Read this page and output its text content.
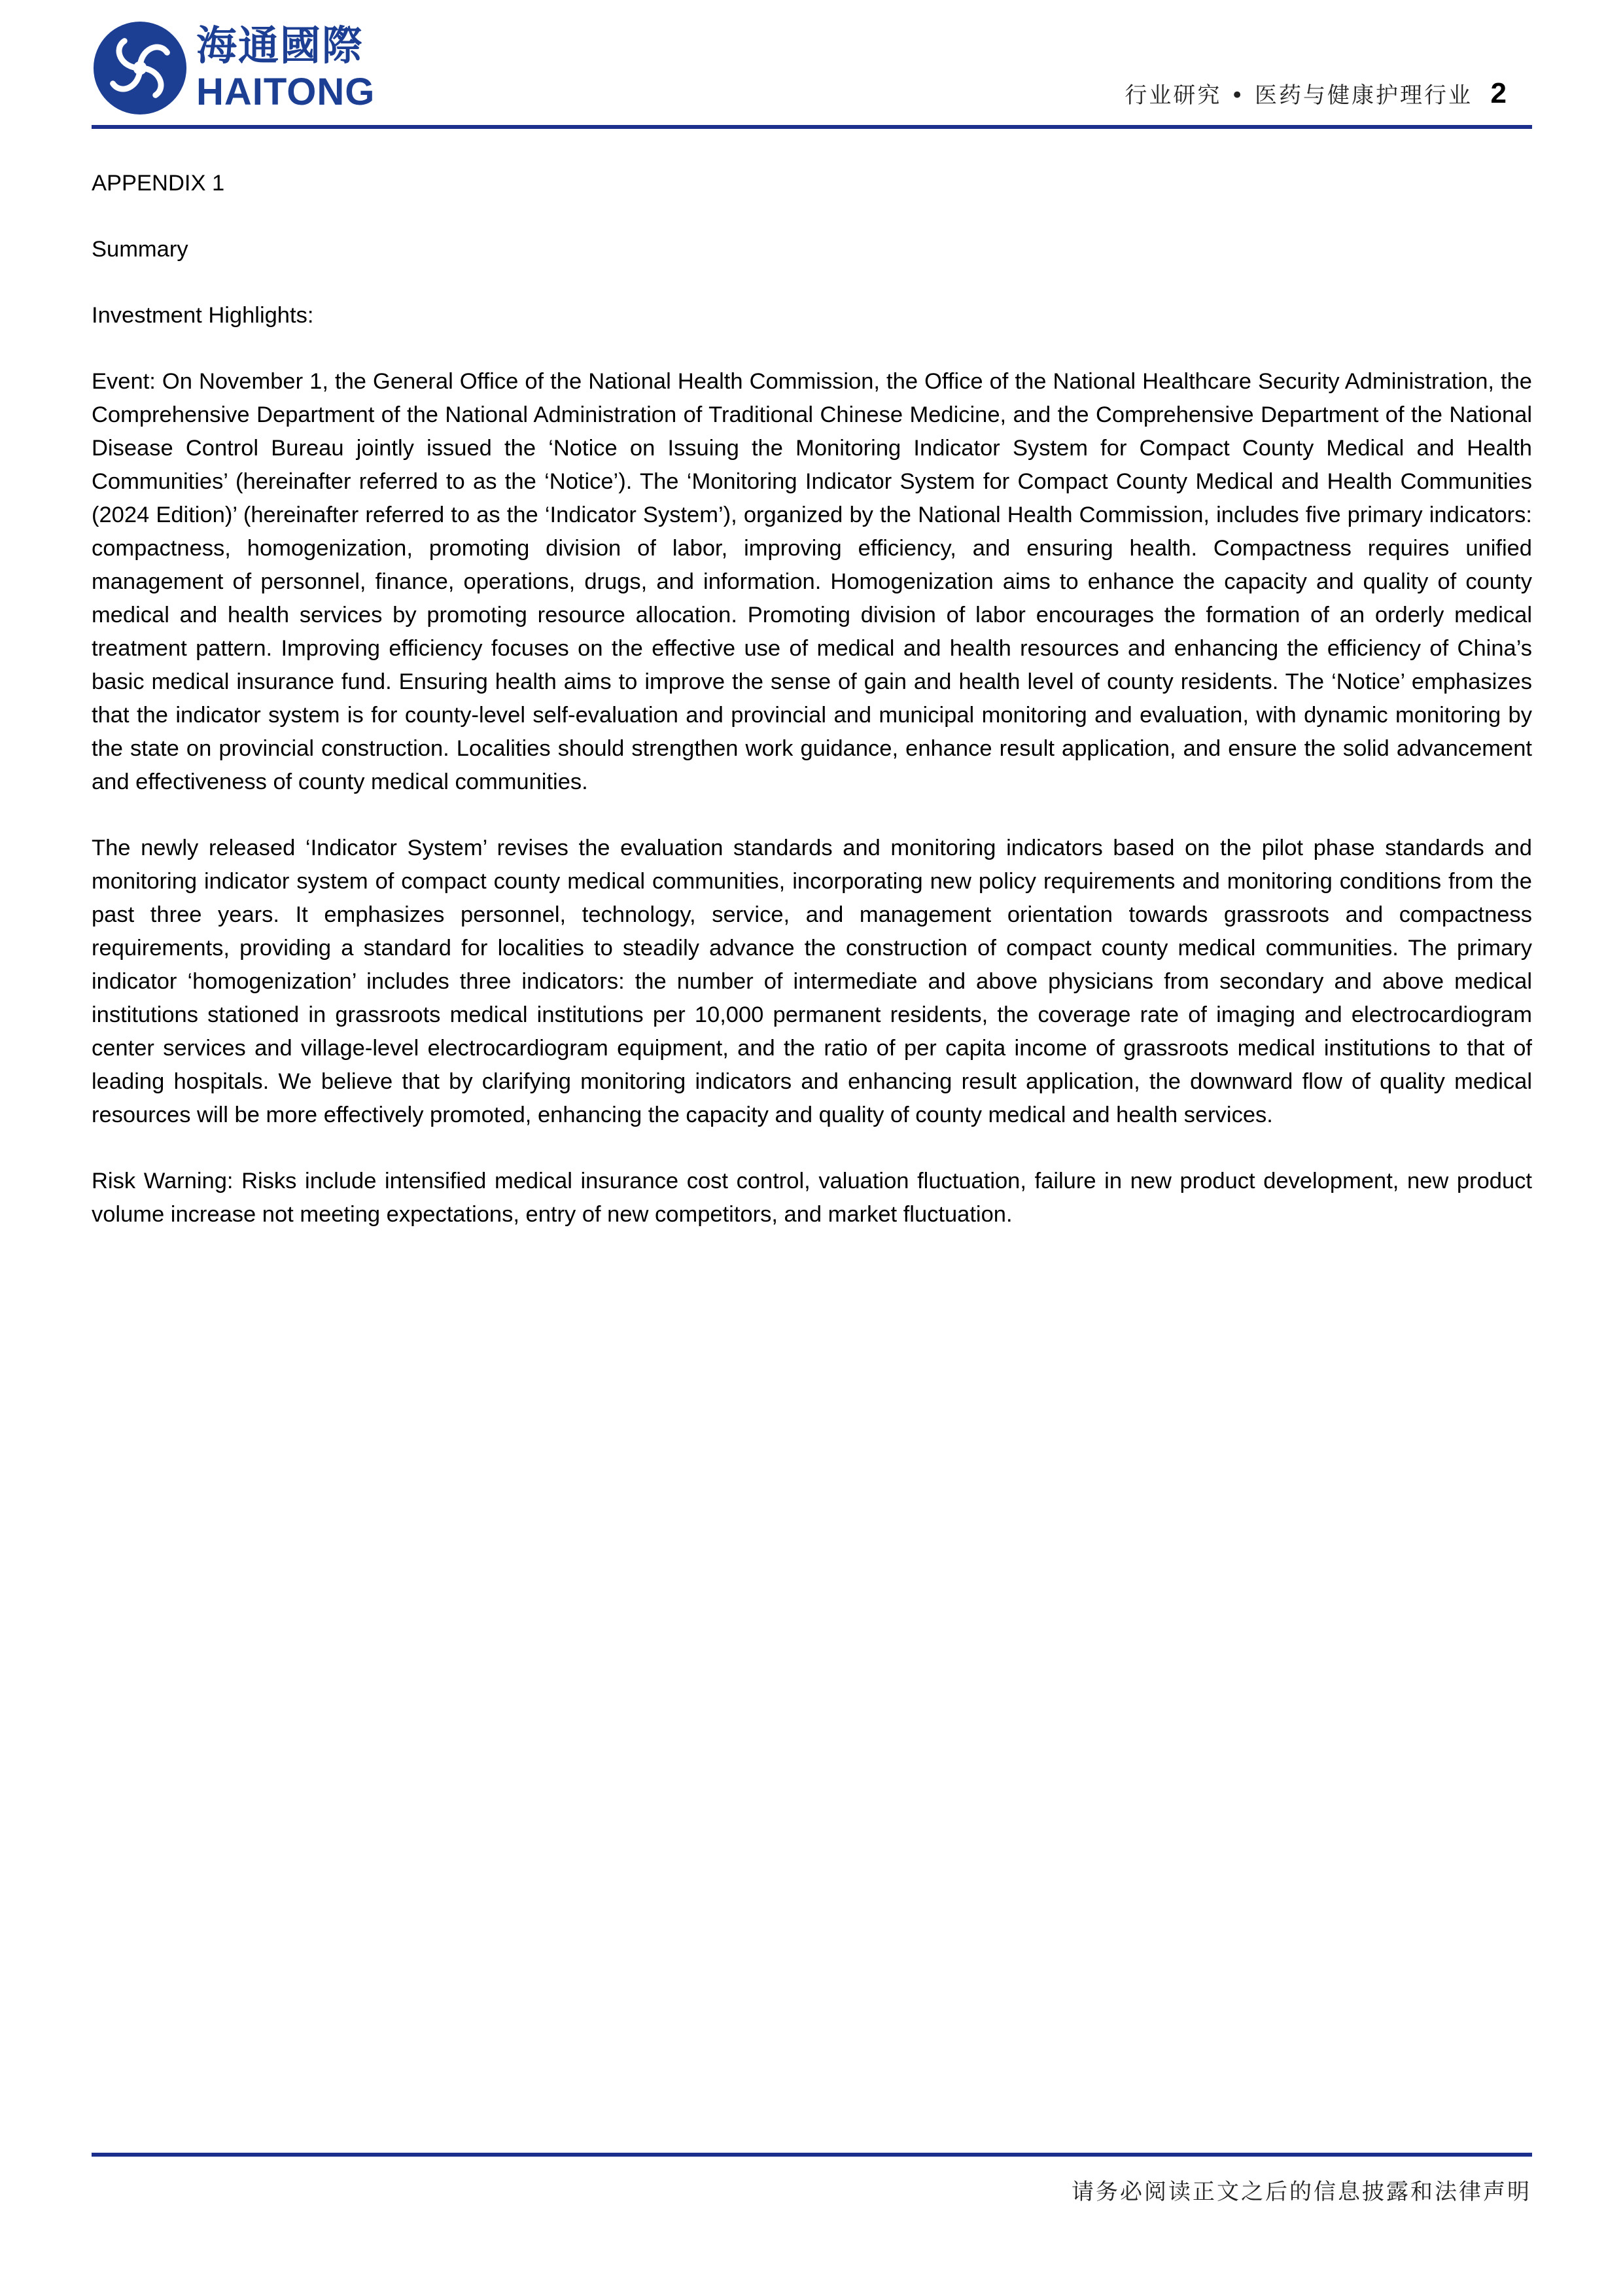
海通國際
HAITONG	行业研究 • 医药与健康护理行业 2

APPENDIX 1

Summary

Investment Highlights:

Event: On November 1, the General Office of the National Health Commission, the Office of the National Healthcare Security Administration, the Comprehensive Department of the National Administration of Traditional Chinese Medicine, and the Comprehensive Department of the National Disease Control Bureau jointly issued the ‘Notice on Issuing the Monitoring Indicator System for Compact County Medical and Health Communities’ (hereinafter referred to as the ‘Notice’). The ‘Monitoring Indicator System for Compact County Medical and Health Communities (2024 Edition)’ (hereinafter referred to as the ‘Indicator System’), organized by the National Health Commission, includes five primary indicators: compactness, homogenization, promoting division of labor, improving efficiency, and ensuring health. Compactness requires unified management of personnel, finance, operations, drugs, and information. Homogenization aims to enhance the capacity and quality of county medical and health services by promoting resource allocation. Promoting division of labor encourages the formation of an orderly medical treatment pattern. Improving efficiency focuses on the effective use of medical and health resources and enhancing the efficiency of China’s basic medical insurance fund. Ensuring health aims to improve the sense of gain and health level of county residents. The ‘Notice’ emphasizes that the indicator system is for county-level self-evaluation and provincial and municipal monitoring and evaluation, with dynamic monitoring by the state on provincial construction. Localities should strengthen work guidance, enhance result application, and ensure the solid advancement and effectiveness of county medical communities.

The newly released ‘Indicator System’ revises the evaluation standards and monitoring indicators based on the pilot phase standards and monitoring indicator system of compact county medical communities, incorporating new policy requirements and monitoring conditions from the past three years. It emphasizes personnel, technology, service, and management orientation towards grassroots and compactness requirements, providing a standard for localities to steadily advance the construction of compact county medical communities. The primary indicator ‘homogenization’ includes three indicators: the number of intermediate and above physicians from secondary and above medical institutions stationed in grassroots medical institutions per 10,000 permanent residents, the coverage rate of imaging and electrocardiogram center services and village-level electrocardiogram equipment, and the ratio of per capita income of grassroots medical institutions to that of leading hospitals. We believe that by clarifying monitoring indicators and enhancing result application, the downward flow of quality medical resources will be more effectively promoted, enhancing the capacity and quality of county medical and health services.

Risk Warning: Risks include intensified medical insurance cost control, valuation fluctuation, failure in new product development, new product volume increase not meeting expectations, entry of new competitors, and market fluctuation.

请务必阅读正文之后的信息披露和法律声明
